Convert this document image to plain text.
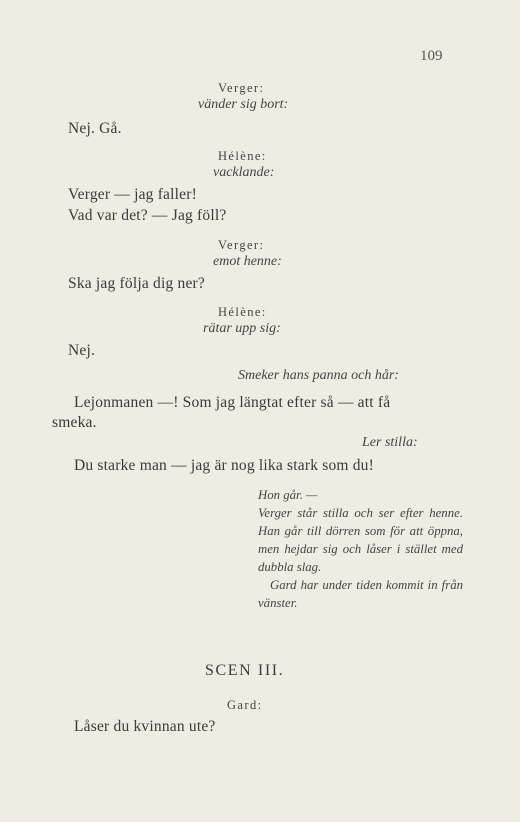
109
Verger:
vänder sig bort:
Nej. Gå.
Hélène:
vacklande:
Verger — jag faller!
Vad var det? — Jag föll?
Verger:
emot henne:
Ska jag följa dig ner?
Hélène:
rätar upp sig:
Nej.
Smeker hans panna och hår:
Lejonmanen —! Som jag längtat efter så — att få
smeka.
Ler stilla:
Du starke man — jag är nog lika stark som du!

Hon går. —

Verger står stilla och ser efter henne. Han går till dörren som för att öppna, men hejdar sig och låser i stället med dubbla slag.

Gard har under tiden kommit in från vänster.

SCEN III.
Gard:
Låser du kvinnan ute?
